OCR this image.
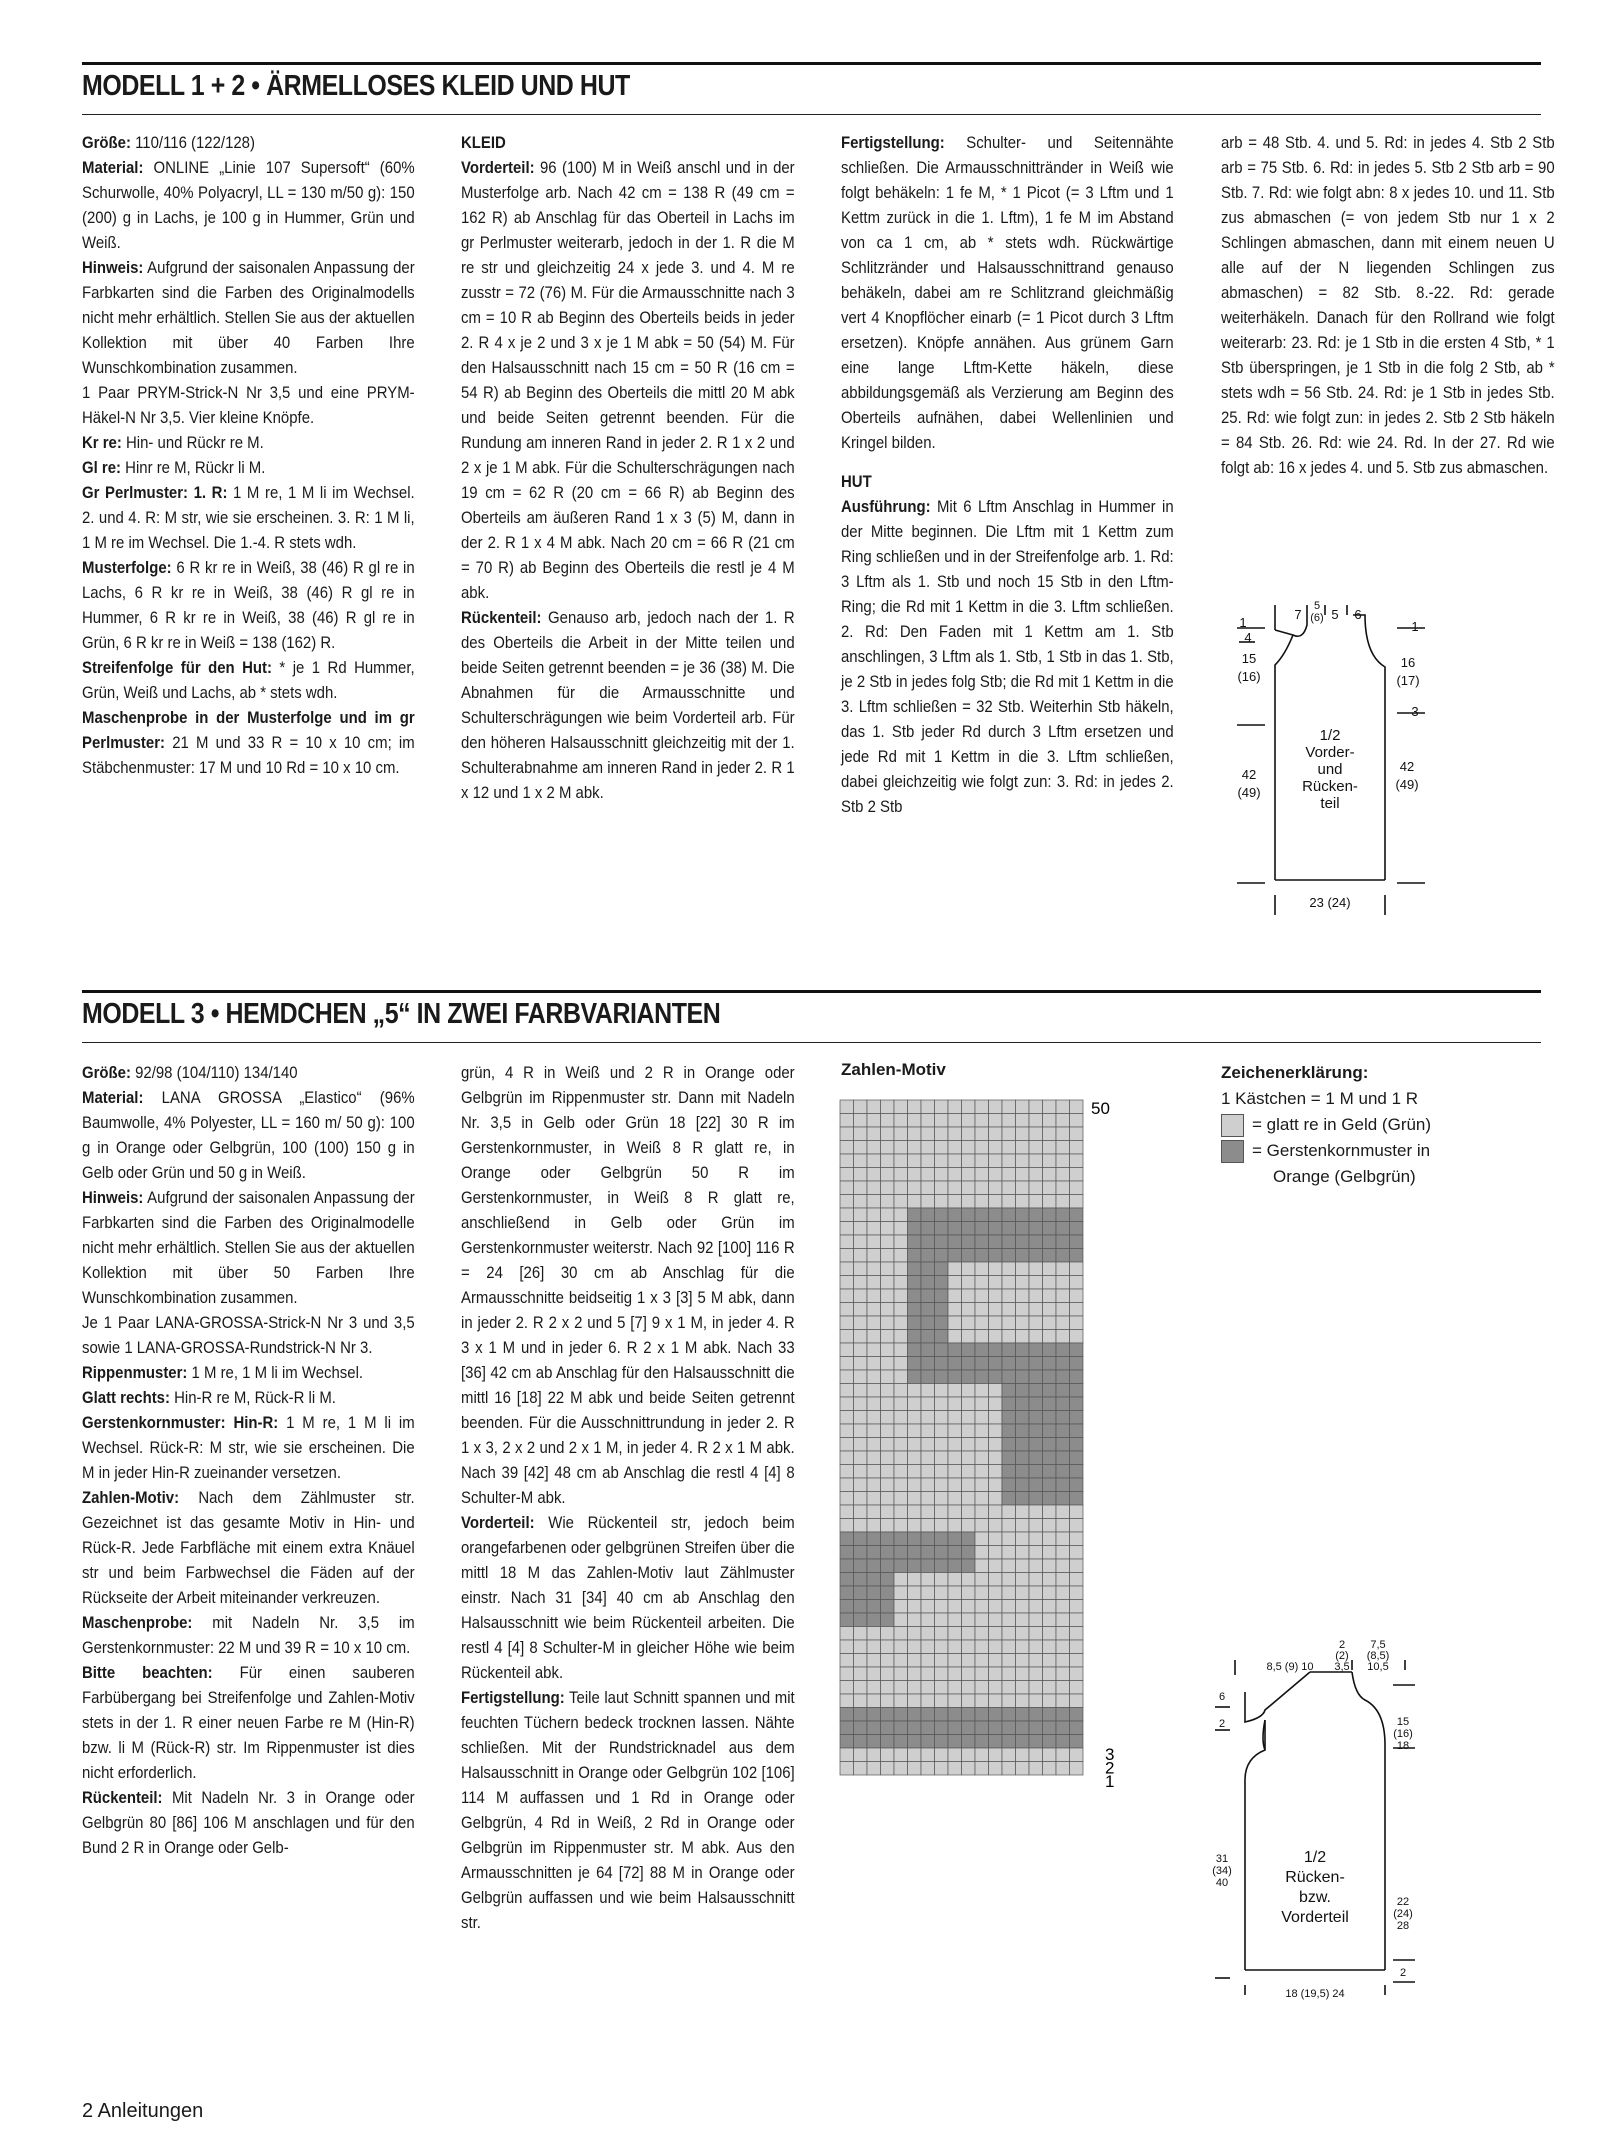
MODELL 1 + 2 • ÄRMELLOSES KLEID UND HUT

Größe: 110/116 (122/128)

Material: ONLINE „Linie 107 Supersoft“ (60% Schurwolle, 40% Polyacryl, LL = 130 m/50 g): 150 (200) g in Lachs, je 100 g in Hummer, Grün und Weiß.

Hinweis: Aufgrund der saisonalen Anpassung der Farbkarten sind die Farben des Originalmodells nicht mehr erhältlich. Stellen Sie aus der aktuellen Kollektion mit über 40 Farben Ihre Wunschkombination zusammen.

1 Paar PRYM-Strick-N Nr 3,5 und eine PRYM-Häkel-N Nr 3,5. Vier kleine Knöpfe.

Kr re: Hin- und Rückr re M.

Gl re: Hinr re M, Rückr li M.

Gr Perlmuster: 1. R: 1 M re, 1 M li im Wechsel. 2. und 4. R: M str, wie sie erscheinen. 3. R: 1 M li, 1 M re im Wechsel. Die 1.-4. R stets wdh.

Musterfolge: 6 R kr re in Weiß, 38 (46) R gl re in Lachs, 6 R kr re in Weiß, 38 (46) R gl re in Hummer, 6 R kr re in Weiß, 38 (46) R gl re in Grün, 6 R kr re in Weiß = 138 (162) R.

Streifenfolge für den Hut: * je 1 Rd Hummer, Grün, Weiß und Lachs, ab * stets wdh.

Maschenprobe in der Musterfolge und im gr Perlmuster: 21 M und 33 R = 10 x 10 cm; im Stäbchenmuster: 17 M und 10 Rd = 10 x 10 cm.

KLEID

Vorderteil: 96 (100) M in Weiß anschl und in der Musterfolge arb. Nach 42 cm = 138 R (49 cm = 162 R) ab Anschlag für das Oberteil in Lachs im gr Perlmuster weiterarb, jedoch in der 1. R die M re str und gleichzeitig 24 x jede 3. und 4. M re zusstr = 72 (76) M. Für die Armausschnitte nach 3 cm = 10 R ab Beginn des Oberteils beids in jeder 2. R 4 x je 2 und 3 x je 1 M abk = 50 (54) M. Für den Halsausschnitt nach 15 cm = 50 R (16 cm = 54 R) ab Beginn des Oberteils die mittl 20 M abk und beide Seiten getrennt beenden. Für die Rundung am inneren Rand in jeder 2. R 1 x 2 und 2 x je 1 M abk. Für die Schulterschrägungen nach 19 cm = 62 R (20 cm = 66 R) ab Beginn des Oberteils am äußeren Rand 1 x 3 (5) M, dann in der 2. R 1 x 4 M abk. Nach 20 cm = 66 R (21 cm = 70 R) ab Beginn des Oberteils die restl je 4 M abk.

Rückenteil: Genauso arb, jedoch nach der 1. R des Oberteils die Arbeit in der Mitte teilen und beide Seiten getrennt beenden = je 36 (38) M. Die Abnahmen für die Armausschnitte und Schulterschrägungen wie beim Vorderteil arb. Für den höheren Halsausschnitt gleichzeitig mit der 1. Schulterabnahme am inneren Rand in jeder 2. R 1 x 12 und 1 x 2 M abk.

Fertigstellung: Schulter- und Seitennähte schließen. Die Armausschnittränder in Weiß wie folgt behäkeln: 1 fe M, * 1 Picot (= 3 Lftm und 1 Kettm zurück in die 1. Lftm), 1 fe M im Abstand von ca 1 cm, ab * stets wdh. Rückwärtige Schlitzränder und Halsausschnittrand genauso behäkeln, dabei am re Schlitzrand gleichmäßig vert 4 Knopflöcher einarb (= 1 Picot durch 3 Lftm ersetzen). Knöpfe annähen. Aus grünem Garn eine lange Lftm-Kette häkeln, diese abbildungsgemäß als Verzierung am Beginn des Oberteils aufnähen, dabei Wellenlinien und Kringel bilden.

HUT

Ausführung: Mit 6 Lftm Anschlag in Hummer in der Mitte beginnen. Die Lftm mit 1 Kettm zum Ring schließen und in der Streifenfolge arb. 1. Rd: 3 Lftm als 1. Stb und noch 15 Stb in den Lftm-Ring; die Rd mit 1 Kettm in die 3. Lftm schließen. 2. Rd: Den Faden mit 1 Kettm am 1. Stb anschlingen, 3 Lftm als 1. Stb, 1 Stb in das 1. Stb, je 2 Stb in jedes folg Stb; die Rd mit 1 Kettm in die 3. Lftm schließen = 32 Stb. Weiterhin Stb häkeln, das 1. Stb jeder Rd durch 3 Lftm ersetzen und jede Rd mit 1 Kettm in die 3. Lftm schließen, dabei gleichzeitig wie folgt zun: 3. Rd: in jedes 2. Stb 2 Stb

arb = 48 Stb. 4. und 5. Rd: in jedes 4. Stb 2 Stb arb = 75 Stb. 6. Rd: in jedes 5. Stb 2 Stb arb = 90 Stb. 7. Rd: wie folgt abn: 8 x jedes 10. und 11. Stb zus abmaschen (= von jedem Stb nur 1 x 2 Schlingen abmaschen, dann mit einem neuen U alle auf der N liegenden Schlingen zus abmaschen) = 82 Stb. 8.-22. Rd: gerade weiterhäkeln. Danach für den Rollrand wie folgt weiterarb: 23. Rd: je 1 Stb in die ersten 4 Stb, * 1 Stb überspringen, je 1 Stb in die folg 2 Stb, ab * stets wdh = 56 Stb. 24. Rd: je 1 Stb in jedes Stb. 25. Rd: wie folgt zun: in jedes 2. Stb 2 Stb häkeln = 84 Stb. 26. Rd: wie 24. Rd. In der 27. Rd wie folgt ab: 16 x jedes 4. und 5. Stb zus abmaschen.

7
5
(6) 5 6
1
4
15
(16)
1
16
(17)
3
42
(49)
42
(49)
23 (24)
1/2
Vorder-
und
Rücken-
teil
MODELL 3 • HEMDCHEN „5“ IN ZWEI FARBVARIANTEN

Größe: 92/98 (104/110) 134/140

Material: LANA GROSSA „Elastico“ (96% Baumwolle, 4% Polyester, LL = 160 m/ 50 g): 100 g in Orange oder Gelbgrün, 100 (100) 150 g in Gelb oder Grün und 50 g in Weiß.

Hinweis: Aufgrund der saisonalen Anpassung der Farbkarten sind die Farben des Originalmodelle nicht mehr erhältlich. Stellen Sie aus der aktuellen Kollektion mit über 50 Farben Ihre Wunschkombination zusammen.

Je 1 Paar LANA-GROSSA-Strick-N Nr 3 und 3,5 sowie 1 LANA-GROSSA-Rundstrick-N Nr 3.

Rippenmuster: 1 M re, 1 M li im Wechsel.

Glatt rechts: Hin-R re M, Rück-R li M.

Gerstenkornmuster: Hin-R: 1 M re, 1 M li im Wechsel. Rück-R: M str, wie sie erscheinen. Die M in jeder Hin-R zueinander versetzen.

Zahlen-Motiv: Nach dem Zählmuster str. Gezeichnet ist das gesamte Motiv in Hin- und Rück-R. Jede Farbfläche mit einem extra Knäuel str und beim Farbwechsel die Fäden auf der Rückseite der Arbeit miteinander verkreuzen.

Maschenprobe: mit Nadeln Nr. 3,5 im Gerstenkornmuster: 22 M und 39 R = 10 x 10 cm.

Bitte beachten: Für einen sauberen Farbübergang bei Streifenfolge und Zahlen-Motiv stets in der 1. R einer neuen Farbe re M (Hin-R) bzw. li M (Rück-R) str. Im Rippenmuster ist dies nicht erforderlich.

Rückenteil: Mit Nadeln Nr. 3 in Orange oder Gelbgrün 80 [86] 106 M anschlagen und für den Bund 2 R in Orange oder Gelb-

grün, 4 R in Weiß und 2 R in Orange oder Gelbgrün im Rippenmuster str. Dann mit Nadeln Nr. 3,5 in Gelb oder Grün 18 [22] 30 R im Gerstenkornmuster, in Weiß 8 R glatt re, in Orange oder Gelbgrün 50 R im Gerstenkornmuster, in Weiß 8 R glatt re, anschließend in Gelb oder Grün im Gerstenkornmuster weiterstr. Nach 92 [100] 116 R = 24 [26] 30 cm ab Anschlag für die Armausschnitte beidseitig 1 x 3 [3] 5 M abk, dann in jeder 2. R 2 x 2 und 5 [7] 9 x 1 M, in jeder 4. R 3 x 1 M und in jeder 6. R 2 x 1 M abk. Nach 33 [36] 42 cm ab Anschlag für den Halsausschnitt die mittl 16 [18] 22 M abk und beide Seiten getrennt beenden. Für die Ausschnittrundung in jeder 2. R 1 x 3, 2 x 2 und 2 x 1 M, in jeder 4. R 2 x 1 M abk. Nach 39 [42] 48 cm ab Anschlag die restl 4 [4] 8 Schulter-M abk.

Vorderteil: Wie Rückenteil str, jedoch beim orangefarbenen oder gelbgrünen Streifen über die mittl 18 M das Zahlen-Motiv laut Zählmuster einstr. Nach 31 [34] 40 cm ab Anschlag den Halsausschnitt wie beim Rückenteil arbeiten. Die restl 4 [4] 8 Schulter-M in gleicher Höhe wie beim Rückenteil abk.

Fertigstellung: Teile laut Schnitt spannen und mit feuchten Tüchern bedeck trocknen lassen. Nähte schließen. Mit der Rundstricknadel aus dem Halsausschnitt in Orange oder Gelbgrün 102 [106] 114 M auffassen und 1 Rd in Orange oder Gelbgrün, 4 Rd in Weiß, 2 Rd in Orange oder Gelbgrün im Rippenmuster str. M abk. Aus den Armausschnitten je 64 [72] 88 M in Orange oder Gelbgrün auffassen und wie beim Halsausschnitt str.

Zahlen-Motiv
50
3
2
1
Zeichenerklärung:
1 Kästchen = 1 M und 1 R
= glatt re in Geld (Grün)
= Gerstenkornmuster in
Orange (Gelbgrün)
8,5 (9) 10
2
(2)
3,5
7,5
(8,5)
10,5
6
2
31
(34)
40
15
(16)
18
22
(24)
28
2
18 (19,5) 24
1/2
Rücken-
bzw.
Vorderteil
2 Anleitungen
